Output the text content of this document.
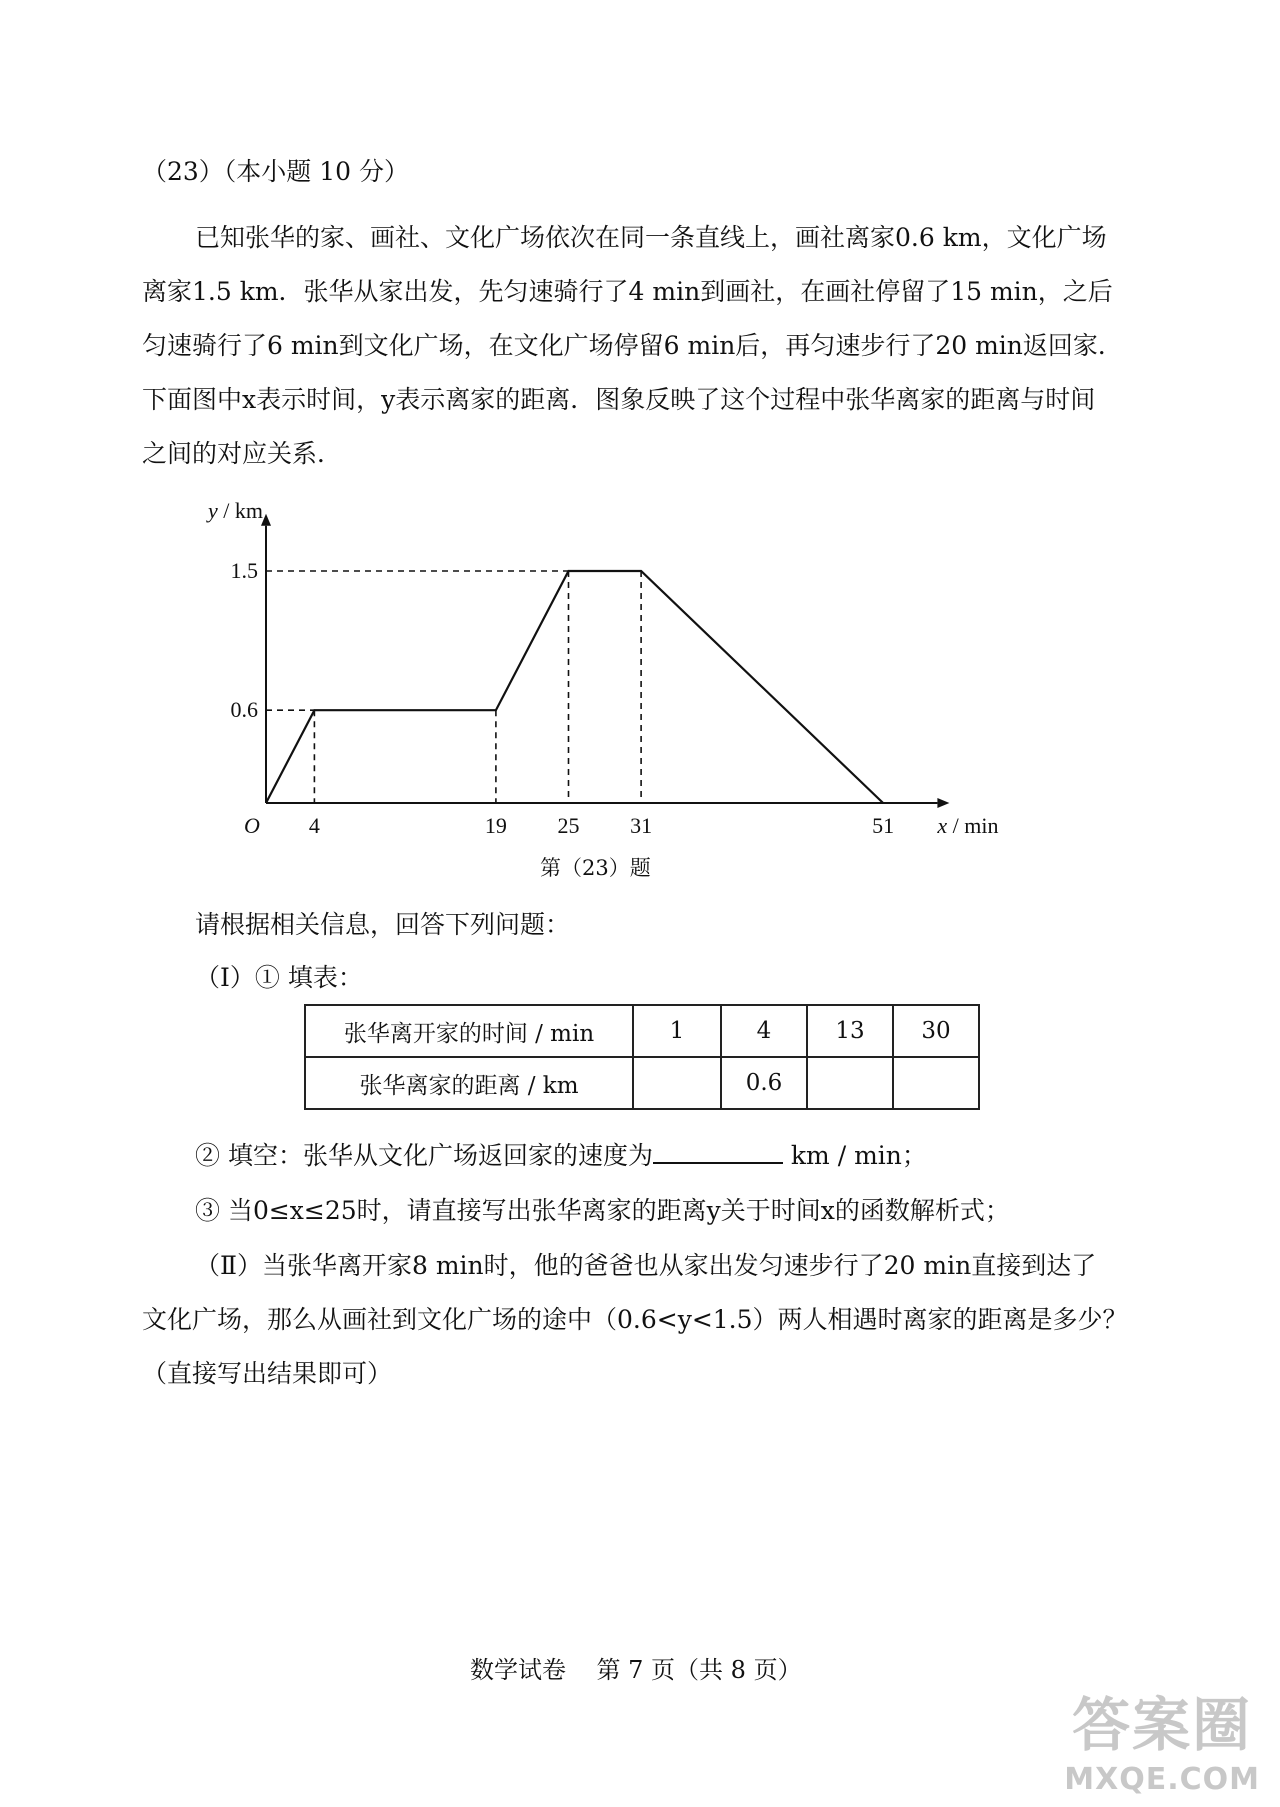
（23）（本小题 10 分）
已知张华的家、画社、文化广场依次在同一条直线上，画社离家0.6 km，文化广场
离家1.5 km．张华从家出发，先匀速骑行了4 min到画社，在画社停留了15 min，之后
匀速骑行了6 min到文化广场，在文化广场停留6 min后，再匀速步行了20 min返回家．
下面图中x表示时间，y表示离家的距离．图象反映了这个过程中张华离家的距离与时间
之间的对应关系．
4	19 25 31	51
0.6
1.5
O	x / min
y / km
第（23）题
请根据相关信息，回答下列问题：
（Ⅰ）① 填表：
张华离开家的时间 / min	1	4	13	30
张华离家的距离 / km		0.6		
② 填空：张华从文化广场返回家的速度为	km / min；
③ 当0≤x≤25时，请直接写出张华离家的距离y关于时间x的函数解析式；
（Ⅱ）当张华离开家8 min时，他的爸爸也从家出发匀速步行了20 min直接到达了
文化广场，那么从画社到文化广场的途中（0.6<y<1.5）两人相遇时离家的距离是多少？
（直接写出结果即可）
数学试卷    第 7 页（共 8 页）
答案圈
MXQE.COM
